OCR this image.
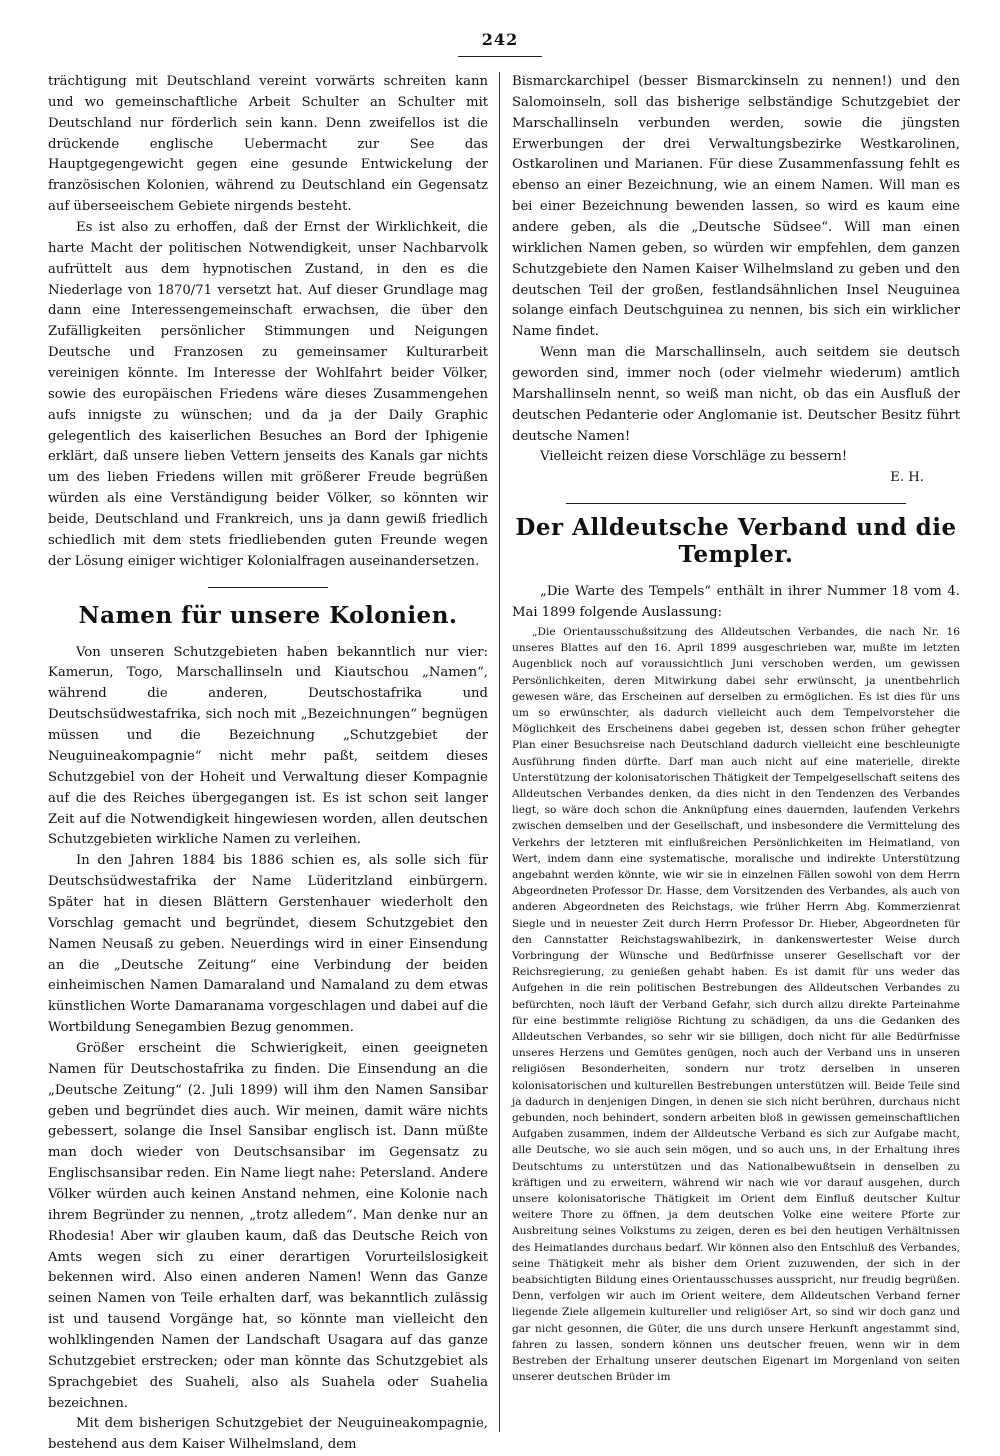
242

trächtigung mit Deutschland vereint vorwärts schreiten kann und wo gemeinschaftliche Arbeit Schulter an Schulter mit Deutschland nur förderlich sein kann. Denn zweifellos ist die drückende englische Uebermacht zur See das Hauptgegengewicht gegen eine gesunde Entwickelung der französischen Kolonien, während zu Deutschland ein Gegensatz auf überseeischem Gebiete nirgends besteht.

Es ist also zu erhoffen, daß der Ernst der Wirklichkeit, die harte Macht der politischen Notwendigkeit, unser Nachbarvolk aufrüttelt aus dem hypnotischen Zustand, in den es die Niederlage von 1870/71 versetzt hat. Auf dieser Grundlage mag dann eine Interessengemeinschaft erwachsen, die über den Zufälligkeiten persönlicher Stimmungen und Neigungen Deutsche und Franzosen zu gemeinsamer Kulturarbeit vereinigen könnte. Im Interesse der Wohlfahrt beider Völker, sowie des europäischen Friedens wäre dieses Zusammengehen aufs innigste zu wünschen; und da ja der Daily Graphic gelegentlich des kaiserlichen Besuches an Bord der Iphigenie erklärt, daß unsere lieben Vettern jenseits des Kanals gar nichts um des lieben Friedens willen mit größerer Freude begrüßen würden als eine Verständigung beider Völker, so könnten wir beide, Deutschland und Frankreich, uns ja dann gewiß friedlich schiedlich mit dem stets friedliebenden guten Freunde wegen der Lösung einiger wichtiger Kolonialfragen auseinandersetzen.

Namen für unsere Kolonien.

Von unseren Schutzgebieten haben bekanntlich nur vier: Kamerun, Togo, Marschallinseln und Kiautschou „Namen“, während die anderen, Deutschostafrika und Deutschsüdwestafrika, sich noch mit „Bezeichnungen“ begnügen müssen und die Bezeichnung „Schutzgebiet der Neuguineakompagnie“ nicht mehr paßt, seitdem dieses Schutzgebiel von der Hoheit und Verwaltung dieser Kompagnie auf die des Reiches übergegangen ist. Es ist schon seit langer Zeit auf die Notwendigkeit hingewiesen worden, allen deutschen Schutzgebieten wirkliche Namen zu verleihen.

In den Jahren 1884 bis 1886 schien es, als solle sich für Deutschsüdwestafrika der Name Lüderitzland einbürgern. Später hat in diesen Blättern Gerstenhauer wiederholt den Vorschlag gemacht und begründet, diesem Schutzgebiet den Namen Neusaß zu geben. Neuerdings wird in einer Einsendung an die „Deutsche Zeitung“ eine Verbindung der beiden einheimischen Namen Damaraland und Namaland zu dem etwas künstlichen Worte Damaranama vorgeschlagen und dabei auf die Wortbildung Senegambien Bezug genommen.

Größer erscheint die Schwierigkeit, einen geeigneten Namen für Deutschostafrika zu finden. Die Einsendung an die „Deutsche Zeitung“ (2. Juli 1899) will ihm den Namen Sansibar geben und begründet dies auch. Wir meinen, damit wäre nichts gebessert, solange die Insel Sansibar englisch ist. Dann müßte man doch wieder von Deutschsansibar im Gegensatz zu Englischsansibar reden. Ein Name liegt nahe: Petersland. Andere Völker würden auch keinen Anstand nehmen, eine Kolonie nach ihrem Begründer zu nennen, „trotz alledem“. Man denke nur an Rhodesia! Aber wir glauben kaum, daß das Deutsche Reich von Amts wegen sich zu einer derartigen Vorurteilslosigkeit bekennen wird. Also einen anderen Namen! Wenn das Ganze seinen Namen von Teile erhalten darf, was bekanntlich zulässig ist und tausend Vorgänge hat, so könnte man vielleicht den wohlklingenden Namen der Landschaft Usagara auf das ganze Schutzgebiet erstrecken; oder man könnte das Schutzgebiet als Sprachgebiet des Suaheli, also als Suahela oder Suahelia bezeichnen.

Mit dem bisherigen Schutzgebiet der Neuguineakompagnie, bestehend aus dem Kaiser Wilhelmsland, dem

Bismarckarchipel (besser Bismarckinseln zu nennen!) und den Salomoinseln, soll das bisherige selbständige Schutzgebiet der Marschallinseln verbunden werden, sowie die jüngsten Erwerbungen der drei Verwaltungsbezirke Westkarolinen, Ostkarolinen und Marianen. Für diese Zusammenfassung fehlt es ebenso an einer Bezeichnung, wie an einem Namen. Will man es bei einer Bezeichnung bewenden lassen, so wird es kaum eine andere geben, als die „Deutsche Südsee“. Will man einen wirklichen Namen geben, so würden wir empfehlen, dem ganzen Schutzgebiete den Namen Kaiser Wilhelmsland zu geben und den deutschen Teil der großen, festlandsähnlichen Insel Neuguinea solange einfach Deutschguinea zu nennen, bis sich ein wirklicher Name findet.

Wenn man die Marschallinseln, auch seitdem sie deutsch geworden sind, immer noch (oder vielmehr wiederum) amtlich Marshallinseln nennt, so weiß man nicht, ob das ein Ausfluß der deutschen Pedanterie oder Anglomanie ist. Deutscher Besitz führt deutsche Namen!

Vielleicht reizen diese Vorschläge zu bessern!

E. H.
Der Alldeutsche Verband und die Templer.

„Die Warte des Tempels“ enthält in ihrer Nummer 18 vom 4. Mai 1899 folgende Auslassung:

„Die Orientausschußsitzung des Alldeutschen Verbandes, die nach Nr. 16 unseres Blattes auf den 16. April 1899 ausgeschrieben war, mußte im letzten Augenblick noch auf voraussichtlich Juni verschoben werden, um gewissen Persönlichkeiten, deren Mitwirkung dabei sehr erwünscht, ja unentbehrlich gewesen wäre, das Erscheinen auf derselben zu ermöglichen. Es ist dies für uns um so erwünschter, als dadurch vielleicht auch dem Tempelvorsteher die Möglichkeit des Erscheinens dabei gegeben ist, dessen schon früher gehegter Plan einer Besuchsreise nach Deutschland dadurch vielleicht eine beschleunigte Ausführung finden dürfte. Darf man auch nicht auf eine materielle, direkte Unterstützung der kolonisatorischen Thätigkeit der Tempelgesellschaft seitens des Alldeutschen Verbandes denken, da dies nicht in den Tendenzen des Verbandes liegt, so wäre doch schon die Anknüpfung eines dauernden, laufenden Verkehrs zwischen demselben und der Gesellschaft, und insbesondere die Vermittelung des Verkehrs der letzteren mit einflußreichen Persönlichkeiten im Heimatland, von Wert, indem dann eine systematische, moralische und indirekte Unterstützung angebahnt werden könnte, wie wir sie in einzelnen Fällen sowohl von dem Herrn Abgeordneten Professor Dr. Hasse, dem Vorsitzenden des Verbandes, als auch von anderen Abgeordneten des Reichstags, wie früher Herrn Abg. Kommerzienrat Siegle und in neuester Zeit durch Herrn Professor Dr. Hieber, Abgeordneten für den Cannstatter Reichstagswahlbezirk, in dankenswertester Weise durch Vorbringung der Wünsche und Bedürfnisse unserer Gesellschaft vor der Reichsregierung, zu genießen gehabt haben. Es ist damit für uns weder das Aufgehen in die rein politischen Bestrebungen des Alldeutschen Verbandes zu befürchten, noch läuft der Verband Gefahr, sich durch allzu direkte Parteinahme für eine bestimmte religiöse Richtung zu schädigen, da uns die Gedanken des Alldeutschen Verbandes, so sehr wir sie billigen, doch nicht für alle Bedürfnisse unseres Herzens und Gemütes genügen, noch auch der Verband uns in unseren religiösen Besonderheiten, sondern nur trotz derselben in unseren kolonisatorischen und kulturellen Bestrebungen unterstützen will. Beide Teile sind ja dadurch in denjenigen Dingen, in denen sie sich nicht berühren, durchaus nicht gebunden, noch behindert, sondern arbeiten bloß in gewissen gemeinschaftlichen Aufgaben zusammen, indem der Alldeutsche Verband es sich zur Aufgabe macht, alle Deutsche, wo sie auch sein mögen, und so auch uns, in der Erhaltung ihres Deutschtums zu unterstützen und das Nationalbewußtsein in denselben zu kräftigen und zu erweitern, während wir nach wie vor darauf ausgehen, durch unsere kolonisatorische Thätigkeit im Orient dem Einfluß deutscher Kultur weitere Thore zu öffnen, ja dem deutschen Volke eine weitere Pforte zur Ausbreitung seines Volkstums zu zeigen, deren es bei den heutigen Verhältnissen des Heimatlandes durchaus bedarf. Wir können also den Entschluß des Verbandes, seine Thätigkeit mehr als bisher dem Orient zuzuwenden, der sich in der beabsichtigten Bildung eines Orientausschusses ausspricht, nur freudig begrüßen. Denn, verfolgen wir auch im Orient weitere, dem Alldeutschen Verband ferner liegende Ziele allgemein kultureller und religiöser Art, so sind wir doch ganz und gar nicht gesonnen, die Güter, die uns durch unsere Herkunft angestammt sind, fahren zu lassen, sondern können uns deutscher freuen, wenn wir in dem Bestreben der Erhaltung unserer deutschen Eigenart im Morgenland von seiten unserer deutschen Brüder im
